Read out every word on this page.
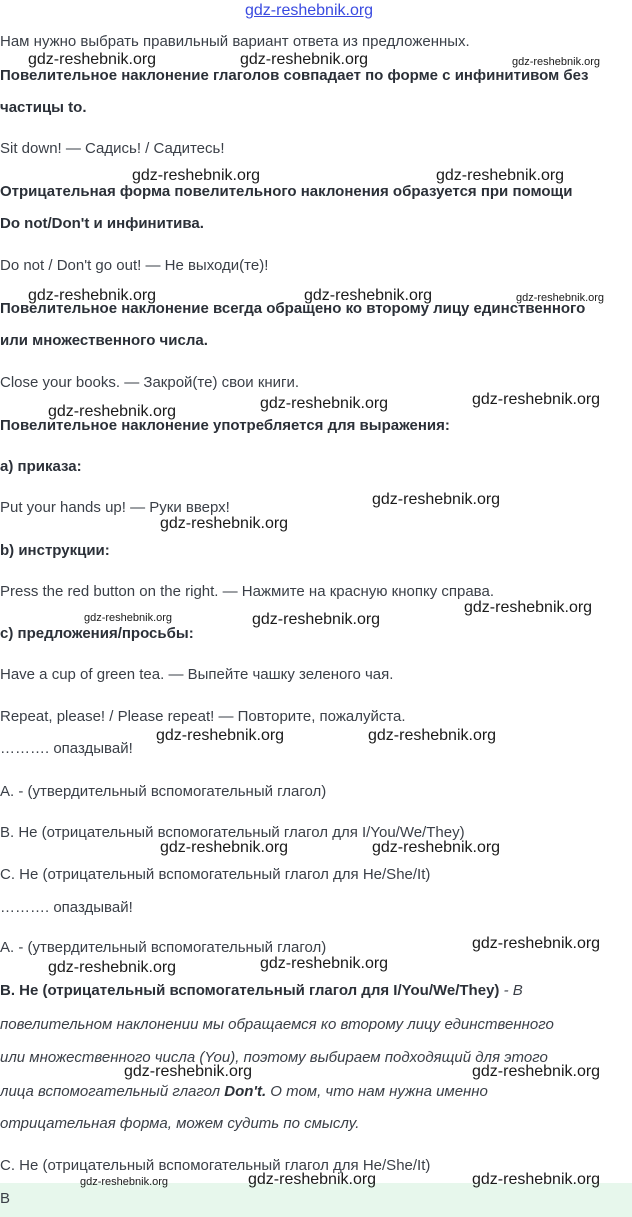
gdz-reshebnik.org
Нам нужно выбрать правильный вариант ответа из предложенных.
Повелительное наклонение глаголов совпадает по форме с инфинитивом без
частицы to.
Sit down! — Садись! / Садитесь!
Отрицательная форма повелительного наклонения образуется при помощи
Do not/Don't и инфинитива.
Do not / Don't go out! — Не выходи(те)!
Повелительное наклонение всегда обращено ко второму лицу единственного
или множественного числа.
Close your books. — Закрой(те) свои книги.
Повелительное наклонение употребляется для выражения:
а) приказа:
Put your hands up! — Руки вверх!
b) инструкции:
Press the red button on the right. — Нажмите на красную кнопку справа.
c) предложения/просьбы:
Have a cup of green tea. — Выпейте чашку зеленого чая.
Repeat, please! / Please repeat! — Повторите, пожалуйста.
………. опаздывай!
A. - (утвердительный вспомогательный глагол)
B. Не (отрицательный вспомогательный глагол для I/You/We/They)
C. Не (отрицательный вспомогательный глагол для He/She/It)
………. опаздывай!
A. - (утвердительный вспомогательный глагол)
B. Не (отрицательный вспомогательный глагол для I/You/We/They) - В
повелительном наклонении мы обращаемся ко второму лицу единственного
или множественного числа (You), поэтому выбираем подходящий для этого
лица вспомогательный глагол Don't. О том, что нам нужна именно
отрицательная форма, можем судить по смыслу.
C. Не (отрицательный вспомогательный глагол для He/She/It)
B
gdz-reshebnik.org	gdz-reshebnik.org	gdz-reshebnik.org
gdz-reshebnik.org	gdz-reshebnik.org
gdz-reshebnik.org	gdz-reshebnik.org	gdz-reshebnik.org
gdz-reshebnik.org	gdz-reshebnik.org	gdz-reshebnik.org
gdz-reshebnik.org
gdz-reshebnik.org
gdz-reshebnik.org
gdz-reshebnik.org	gdz-reshebnik.org
gdz-reshebnik.org	gdz-reshebnik.org
gdz-reshebnik.org	gdz-reshebnik.org
gdz-reshebnik.org
gdz-reshebnik.org	gdz-reshebnik.org
gdz-reshebnik.org	gdz-reshebnik.org
gdz-reshebnik.org	gdz-reshebnik.org	gdz-reshebnik.org
